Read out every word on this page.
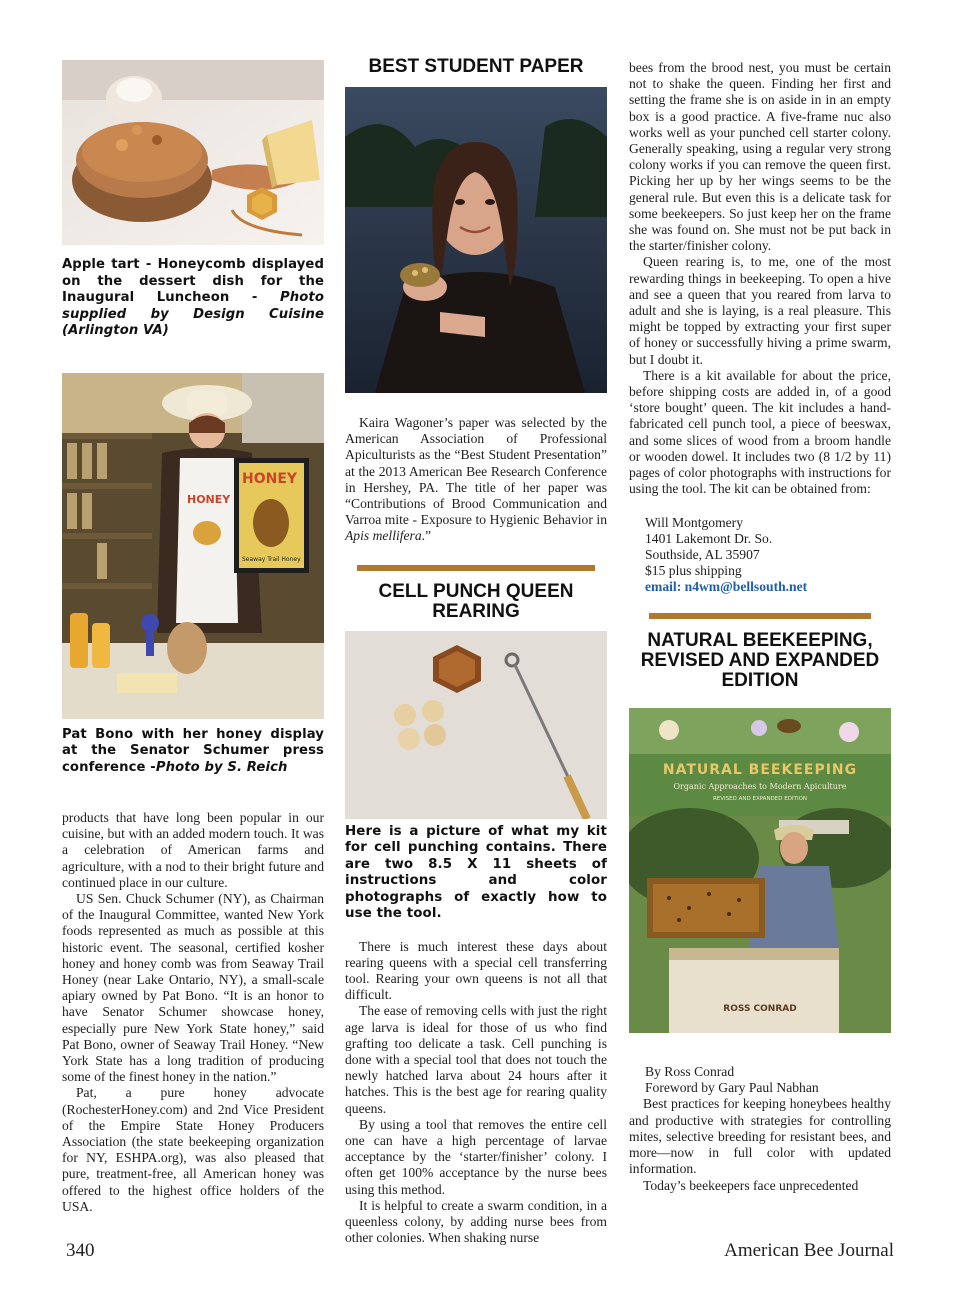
Apple tart - Honeycomb displayed on the dessert dish for the Inaugural Luncheon - Photo supplied by Design Cuisine (Arlington VA)

HONEY
HONEY
Seaway Trail Honey

Pat Bono with her honey display at the Senator Schumer press conference -Photo by S. Reich

products that have long been popular in our cuisine, but with an added modern touch. It was a celebration of American farms and agriculture, with a nod to their bright future and continued place in our culture.

US Sen. Chuck Schumer (NY), as Chairman of the Inaugural Committee, wanted New York foods represented as much as possible at this historic event. The seasonal, certified kosher honey and honey comb was from Seaway Trail Honey (near Lake Ontario, NY), a small-scale apiary owned by Pat Bono. “It is an honor to have Senator Schumer showcase honey, especially pure New York State honey,” said Pat Bono, owner of Seaway Trail Honey. “New York State has a long tradition of producing some of the finest honey in the nation.”

Pat, a pure honey advocate (RochesterHoney.com) and 2nd Vice President of the Empire State Honey Producers Association (the state beekeeping organization for NY, ESHPA.org), was also pleased that pure, treatment-free, all American honey was offered to the highest office holders of the USA.

BEST STUDENT PAPER

Kaira Wagoner’s paper was selected by the American Association of Professional Apiculturists as the “Best Student Presentation” at the 2013 American Bee Research Conference in Hershey, PA. The title of her paper was “Contributions of Brood Communication and Varroa mite - Exposure to Hygienic Behavior in Apis mellifera.”

CELL PUNCH QUEEN REARING

Here is a picture of what my kit for cell punching contains. There are two 8.5 X 11 sheets of instructions and color photographs of exactly how to use the tool.

There is much interest these days about rearing queens with a special cell transferring tool. Rearing your own queens is not all that difficult.

The ease of removing cells with just the right age larva is ideal for those of us who find grafting too delicate a task. Cell punching is done with a special tool that does not touch the newly hatched larva about 24 hours after it hatches. This is the best age for rearing quality queens.

By using a tool that removes the entire cell one can have a high percentage of larvae acceptance by the ‘starter/finisher’ colony. I often get 100% acceptance by the nurse bees using this method.

It is helpful to create a swarm condition, in a queenless colony, by adding nurse bees from other colonies. When shaking nurse

bees from the brood nest, you must be certain not to shake the queen. Finding her first and setting the frame she is on aside in in an empty box is a good practice. A five-frame nuc also works well as your punched cell starter colony. Generally speaking, using a regular very strong colony works if you can remove the queen first. Picking her up by her wings seems to be the general rule. But even this is a delicate task for some beekeepers. So just keep her on the frame she was found on. She must not be put back in the starter/finisher colony.

Queen rearing is, to me, one of the most rewarding things in beekeeping. To open a hive and see a queen that you reared from larva to adult and she is laying, is a real pleasure. This might be topped by extracting your first super of honey or successfully hiving a prime swarm, but I doubt it.

There is a kit available for about the price, before shipping costs are added in, of a good ‘store bought’ queen. The kit includes a hand-fabricated cell punch tool, a piece of beeswax, and some slices of wood from a broom handle or wooden dowel. It includes two (8 1/2 by 11) pages of color photographs with instructions for using the tool. The kit can be obtained from:

Will Montgomery
1401 Lakemont Dr. So.
Southside, AL 35907
$15 plus shipping
email: n4wm@bellsouth.net
NATURAL BEEKEEPING, REVISED AND EXPANDED EDITION
NATURAL BEEKEEPING
Organic Approaches to Modern Apiculture
REVISED AND EXPANDED EDITION
ROSS CONRAD
By Ross Conrad
Foreword by Gary Paul Nabhan

Best practices for keeping honeybees healthy and productive with strategies for controlling mites, selective breeding for resistant bees, and more—now in full color with updated information.

Today’s beekeepers face unprecedented

340	American Bee Journal
